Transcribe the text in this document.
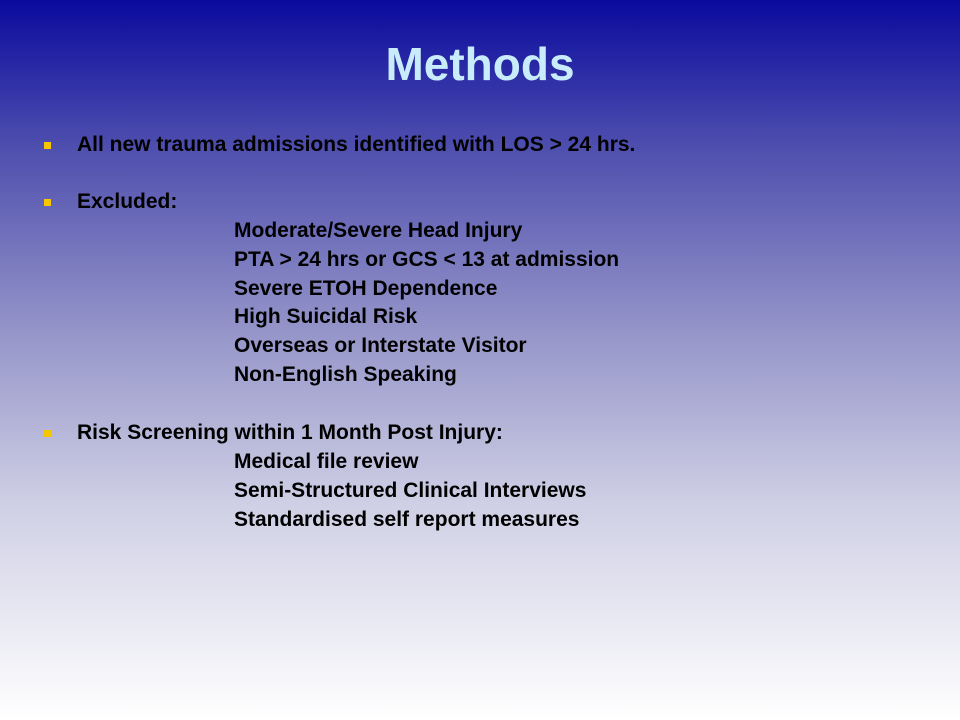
Methods
All new trauma admissions identified with LOS > 24 hrs.
Excluded:
Moderate/Severe Head Injury
PTA > 24 hrs or GCS < 13 at admission
Severe ETOH Dependence
High Suicidal Risk
Overseas or Interstate Visitor
Non-English Speaking
Risk Screening within 1 Month Post Injury:
Medical file review
Semi-Structured Clinical Interviews
Standardised self report measures
